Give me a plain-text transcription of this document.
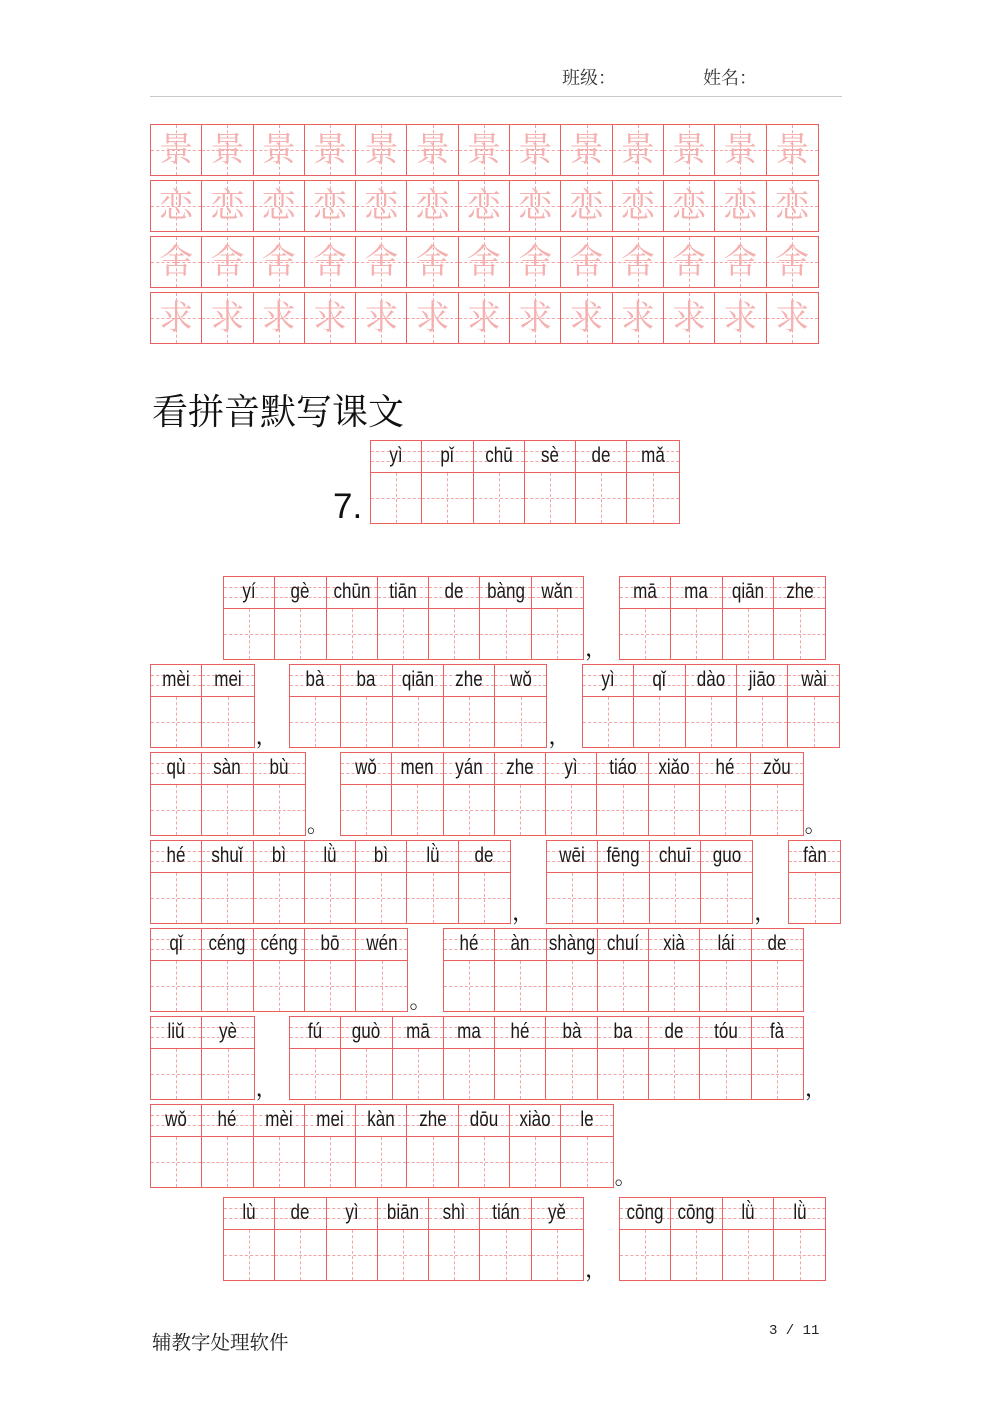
班级：	姓名：
景 景 景 景 景 景 景 景 景 景 景 景 景
恋 恋 恋 恋 恋 恋 恋 恋 恋 恋 恋 恋 恋
舍 舍 舍 舍 舍 舍 舍 舍 舍 舍 舍 舍 舍
求 求 求 求 求 求 求 求 求 求 求 求 求
看拼音默写课文
7.
yì pǐ chū sè de mǎ
yí gè chūn tiān de bàng wǎn
，
mā ma qiān zhe
mèi mei
，
bà ba qiān zhe wǒ
，
yì qǐ dào jiāo wài
qù sàn bù
。
wǒ men yán zhe yì tiáo xiǎo hé zǒu
。
hé shuǐ bì lǜ bì lǜ de
，
wēi fēng chuī guo
，
fàn
qǐ céng céng bō wén
。
hé àn shàng chuí xià lái de
liǔ yè
，
fú guò mā ma hé bà ba de tóu fà
，
wǒ hé mèi mei kàn zhe dōu xiào le
。
lù de yì biān shì tián yě
，
cōng cōng lǜ lǜ
辅教字处理软件	3 / 11
